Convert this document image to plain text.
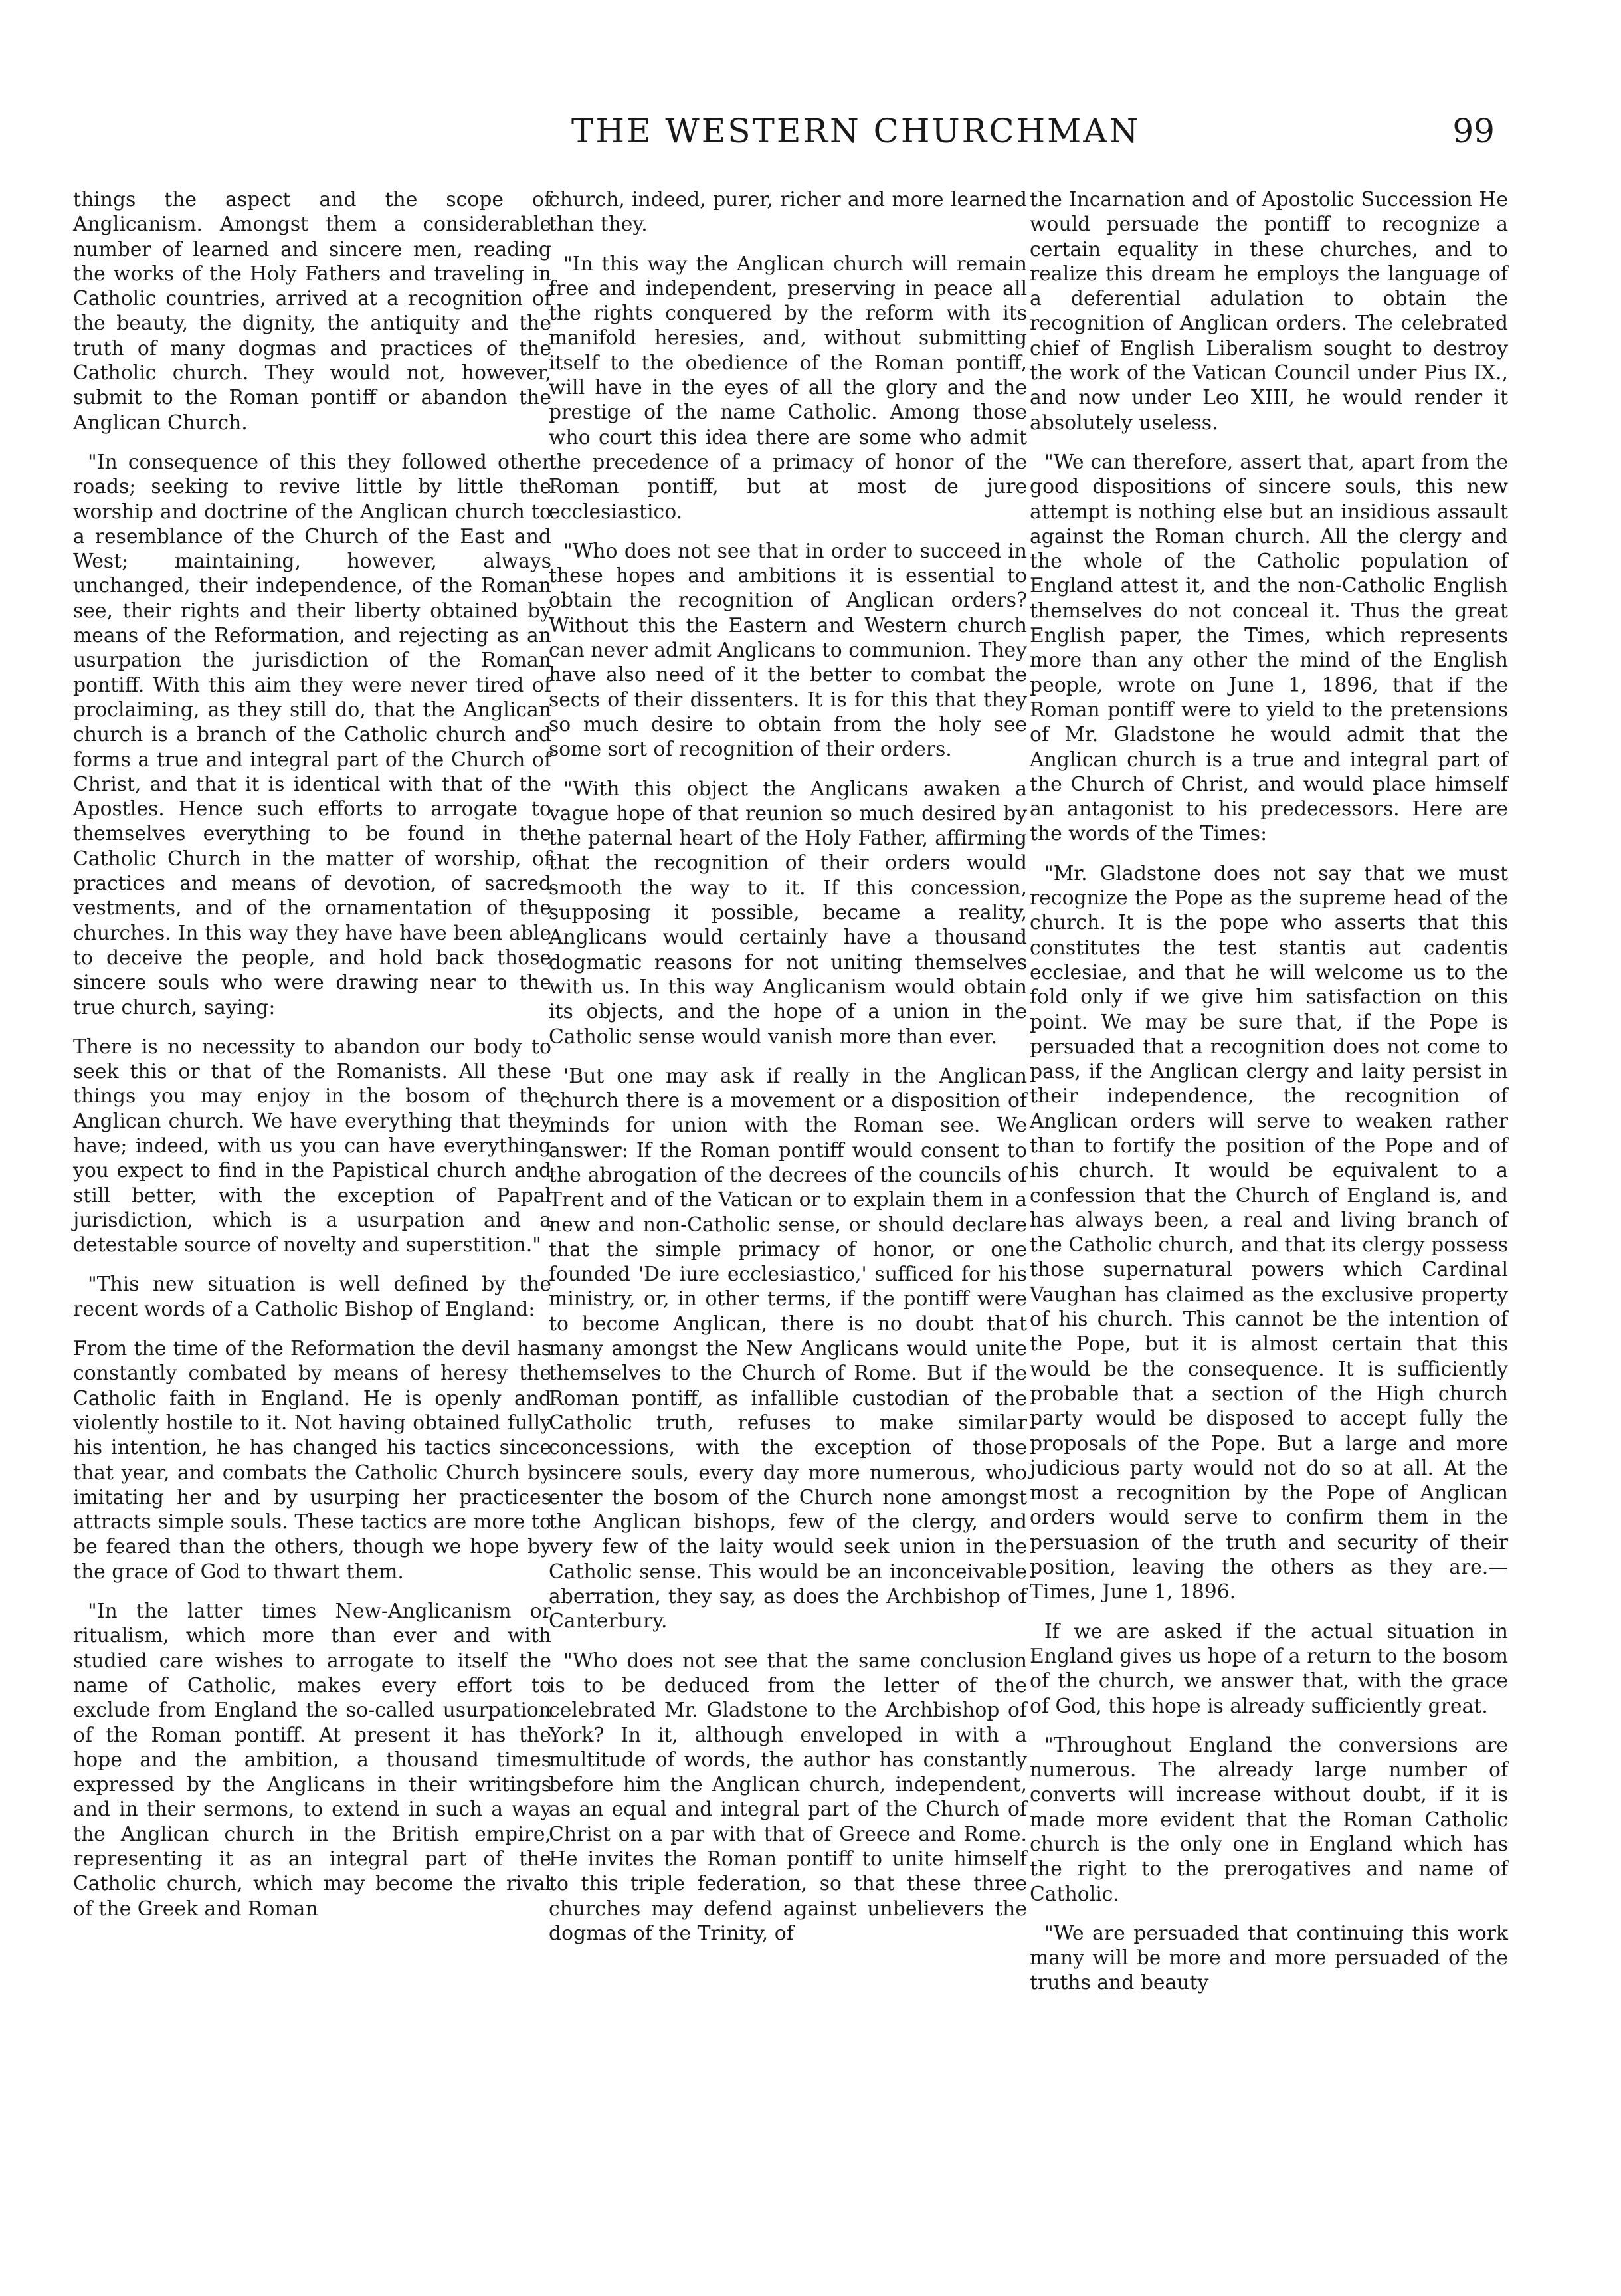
THE WESTERN CHURCHMAN	99

things the aspect and the scope of Anglicanism. Amongst them a considerable number of learned and sincere men, reading the works of the Holy Fathers and traveling in Catholic countries, arrived at a recognition of the beauty, the dignity, the antiquity and the truth of many dogmas and practices of the Catholic church. They would not, however, submit to the Roman pontiff or abandon the Anglican Church.

"In consequence of this they followed other roads; seeking to revive little by little the worship and doctrine of the Anglican church to a resemblance of the Church of the East and West; maintaining, however, always unchanged, their independence, of the Roman see, their rights and their liberty obtained by means of the Reformation, and rejecting as an usurpation the jurisdiction of the Roman pontiff. With this aim they were never tired of proclaiming, as they still do, that the Anglican church is a branch of the Catholic church and forms a true and integral part of the Church of Christ, and that it is identical with that of the Apostles. Hence such efforts to arrogate to themselves everything to be found in the Catholic Church in the matter of worship, of practices and means of devotion, of sacred vestments, and of the ornamentation of the churches. In this way they have have been able to deceive the people, and hold back those sincere souls who were drawing near to the true church, saying:

There is no necessity to abandon our body to seek this or that of the Romanists. All these things you may enjoy in the bosom of the Anglican church. We have everything that they have; indeed, with us you can have everything you expect to find in the Papistical church and still better, with the exception of Papal jurisdiction, which is a usurpation and a detestable source of novelty and superstition."

"This new situation is well defined by the recent words of a Catholic Bishop of England:

From the time of the Reformation the devil has constantly combated by means of heresy the Catholic faith in England. He is openly and violently hostile to it. Not having obtained fully his intention, he has changed his tactics since that year, and combats the Catholic Church by imitating her and by usurping her practices attracts simple souls. These tactics are more to be feared than the others, though we hope by the grace of God to thwart them.

"In the latter times New-Anglicanism or ritualism, which more than ever and with studied care wishes to arrogate to itself the name of Catholic, makes every effort to exclude from England the so-called usurpation of the Roman pontiff. At present it has the hope and the ambition, a thousand times expressed by the Anglicans in their writings and in their sermons, to extend in such a way the Anglican church in the British empire, representing it as an integral part of the Catholic church, which may become the rival of the Greek and Roman

church, indeed, purer, richer and more learned than they.

"In this way the Anglican church will remain free and independent, preserving in peace all the rights conquered by the reform with its manifold heresies, and, without submitting itself to the obedience of the Roman pontiff, will have in the eyes of all the glory and the prestige of the name Catholic. Among those who court this idea there are some who admit the precedence of a primacy of honor of the Roman pontiff, but at most de jure ecclesiastico.

"Who does not see that in order to succeed in these hopes and ambitions it is essential to obtain the recognition of Anglican orders? Without this the Eastern and Western church can never admit Anglicans to communion. They have also need of it the better to combat the sects of their dissenters. It is for this that they so much desire to obtain from the holy see some sort of recognition of their orders.

"With this object the Anglicans awaken a vague hope of that reunion so much desired by the paternal heart of the Holy Father, affirming that the recognition of their orders would smooth the way to it. If this concession, supposing it possible, became a reality, Anglicans would certainly have a thousand dogmatic reasons for not uniting themselves with us. In this way Anglicanism would obtain its objects, and the hope of a union in the Catholic sense would vanish more than ever.

'But one may ask if really in the Anglican church there is a movement or a disposition of minds for union with the Roman see. We answer: If the Roman pontiff would consent to the abrogation of the decrees of the councils of Trent and of the Vatican or to explain them in a new and non-Catholic sense, or should declare that the simple primacy of honor, or one founded 'De iure ecclesiastico,' sufficed for his ministry, or, in other terms, if the pontiff were to become Anglican, there is no doubt that many amongst the New Anglicans would unite themselves to the Church of Rome. But if the Roman pontiff, as infallible custodian of the Catholic truth, refuses to make similar concessions, with the exception of those sincere souls, every day more numerous, who enter the bosom of the Church none amongst the Anglican bishops, few of the clergy, and very few of the laity would seek union in the Catholic sense. This would be an inconceivable aberration, they say, as does the Archbishop of Canterbury.

"Who does not see that the same conclusion is to be deduced from the letter of the celebrated Mr. Gladstone to the Archbishop of York? In it, although enveloped in with a multitude of words, the author has constantly before him the Anglican church, independent, as an equal and integral part of the Church of Christ on a par with that of Greece and Rome. He invites the Roman pontiff to unite himself to this triple federation, so that these three churches may defend against unbelievers the dogmas of the Trinity, of

the Incarnation and of Apostolic Succession He would persuade the pontiff to recognize a certain equality in these churches, and to realize this dream he employs the language of a deferential adulation to obtain the recognition of Anglican orders. The celebrated chief of English Liberalism sought to destroy the work of the Vatican Council under Pius IX., and now under Leo XIII, he would render it absolutely useless.

"We can therefore, assert that, apart from the good dispositions of sincere souls, this new attempt is nothing else but an insidious assault against the Roman church. All the clergy and the whole of the Catholic population of England attest it, and the non-Catholic English themselves do not conceal it. Thus the great English paper, the Times, which represents more than any other the mind of the English people, wrote on June 1, 1896, that if the Roman pontiff were to yield to the pretensions of Mr. Gladstone he would admit that the Anglican church is a true and integral part of the Church of Christ, and would place himself an antagonist to his predecessors. Here are the words of the Times:

"Mr. Gladstone does not say that we must recognize the Pope as the supreme head of the church. It is the pope who asserts that this constitutes the test stantis aut cadentis ecclesiae, and that he will welcome us to the fold only if we give him satisfaction on this point. We may be sure that, if the Pope is persuaded that a recognition does not come to pass, if the Anglican clergy and laity persist in their independence, the recognition of Anglican orders will serve to weaken rather than to fortify the position of the Pope and of his church. It would be equivalent to a confession that the Church of England is, and has always been, a real and living branch of the Catholic church, and that its clergy possess those supernatural powers which Cardinal Vaughan has claimed as the exclusive property of his church. This cannot be the intention of the Pope, but it is almost certain that this would be the consequence. It is sufficiently probable that a section of the High church party would be disposed to accept fully the proposals of the Pope. But a large and more judicious party would not do so at all. At the most a recognition by the Pope of Anglican orders would serve to confirm them in the persuasion of the truth and security of their position, leaving the others as they are.—Times, June 1, 1896.

If we are asked if the actual situation in England gives us hope of a return to the bosom of the church, we answer that, with the grace of God, this hope is already sufficiently great.

"Throughout England the conversions are numerous. The already large number of converts will increase without doubt, if it is made more evident that the Roman Catholic church is the only one in England which has the right to the prerogatives and name of Catholic.

"We are persuaded that continuing this work many will be more and more persuaded of the truths and beauty
